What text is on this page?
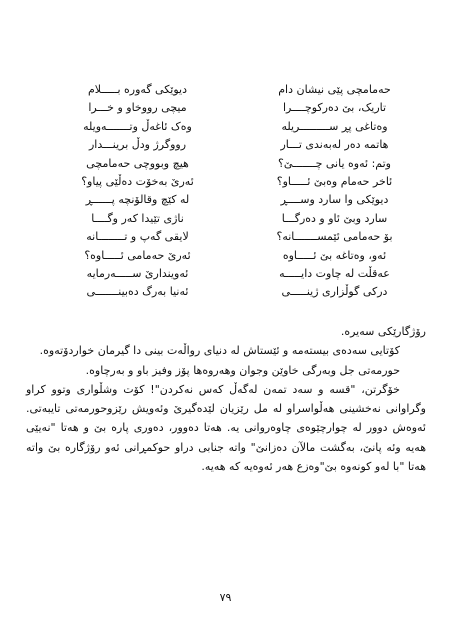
حەمامچی پێی نیشان دام
تاریک، بێ دەرکوچــــرا
وەتاغی پڕ ســـــــــریلە
هاتمە دەر لەبەندی تـــار
وتم: ئەوە یانی چـــــــێ؟
ئاخر حەمام وەبێ ئـــــاو؟
دیوێکی وا سارد وســــڕ
سارد وبێ ئاو و دەرگـــا
بۆ حەمامی ئێمســـــــانە؟
ئەو، وەتاغە بێ ئـــــاوە
عەقڵت لە چاوت دایـــــە
درکی گوڵزاری ژینـــــی
دیوێکی گەورە بـــــلام
میچی رووخاو و خـــرا
وەک ئاغەڵ وتـــــــەویلە
رووگرژ ودڵ برینـــدار
هیچ وبووچی حەمامچی
ئەرێ بەخۆت دەڵێی پیاو؟
لە کێچ وقالۆنچە پــــــڕ
ناژی تێیدا کەر وگــــا
لایقی گەپ و تــــــــانە
ئەرێ حەمامی ئـــــاوە؟
ئەویندارێ ســـــەرمایە
ئەنیا بەرگ دەبینـــــــی

رۆژگارێکی سەیرە.

کۆتایی سەدەی بیستەمە و ئێستاش لە دنیای رواڵەت بینی دا گیرمان خواردۆتەوە.

حورمەتی جل وبەرگی خاوێن وجوان وهەروەها پۆز وفیز باو و بەرچاوە.

خۆگرتن، "قسە و سەد تمەن لەگەڵ کەس نەکردن"! کۆت وشڵواری وتوو کراو وگراوانی نەخشینی هەڵواسراو لە مل رێزیان لێدەگیرێ وئەویش رێزوحورمەتی تایبەتی. ئەوەش دوور لە چوارچێوەی چاوەروانی یە. هەتا دەوور، دەوری پارە بێ و هەتا "نەیێی هەیە وئە پانێ، بەگشت مالآن دەزانێ" واتە جنابی دراو حوکمڕانی ئەو رۆژگارە بێ واتە هەتا "با لەو کونەوە بێ"وەزع هەر ئەوەیە کە هەیە.

٧٩
